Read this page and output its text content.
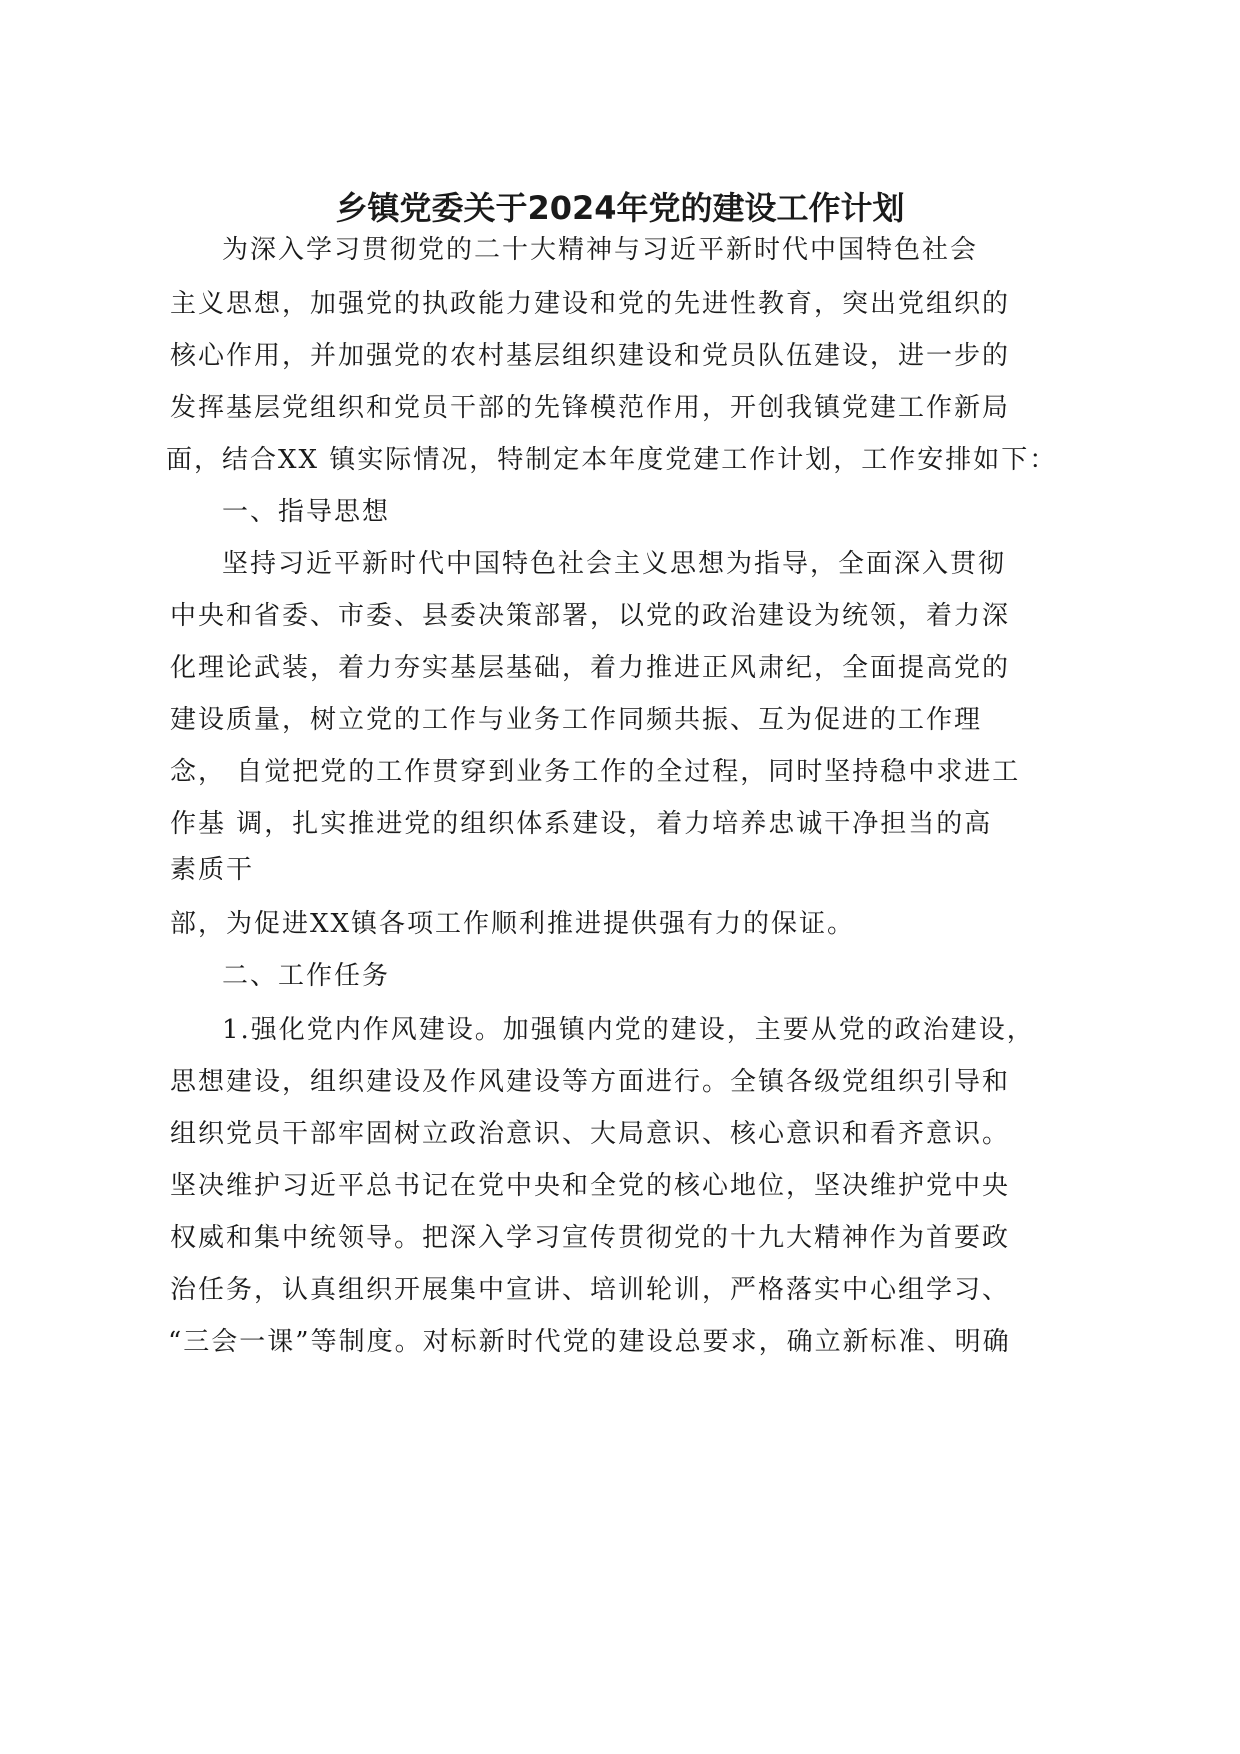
乡镇党委关于2024年党的建设工作计划
为深入学习贯彻党的二十大精神与习近平新时代中国特色社会
主义思想，加强党的执政能力建设和党的先进性教育，突出党组织的
核心作用，并加强党的农村基层组织建设和党员队伍建设，进一步的
发挥基层党组织和党员干部的先锋模范作用，开创我镇党建工作新局
面，结合XX 镇实际情况，特制定本年度党建工作计划，工作安排如下：
一、指导思想
坚持习近平新时代中国特色社会主义思想为指导，全面深入贯彻
中央和省委、市委、县委决策部署，以党的政治建设为统领，着力深
化理论武装，着力夯实基层基础，着力推进正风肃纪，全面提高党的
建设质量，树立党的工作与业务工作同频共振、互为促进的工作理
念， 自觉把党的工作贯穿到业务工作的全过程，同时坚持稳中求进工
作基 调，扎实推进党的组织体系建设，着力培养忠诚干净担当的高
素质干
部，为促进XX镇各项工作顺利推进提供强有力的保证。
二、工作任务
1.强化党内作风建设。加强镇内党的建设，主要从党的政治建设，
思想建设，组织建设及作风建设等方面进行。全镇各级党组织引导和
组织党员干部牢固树立政治意识、大局意识、核心意识和看齐意识。
坚决维护习近平总书记在党中央和全党的核心地位，坚决维护党中央
权威和集中统领导。把深入学习宣传贯彻党的十九大精神作为首要政
治任务，认真组织开展集中宣讲、培训轮训，严格落实中心组学习、
“三会一课”等制度。对标新时代党的建设总要求，确立新标准、明确
